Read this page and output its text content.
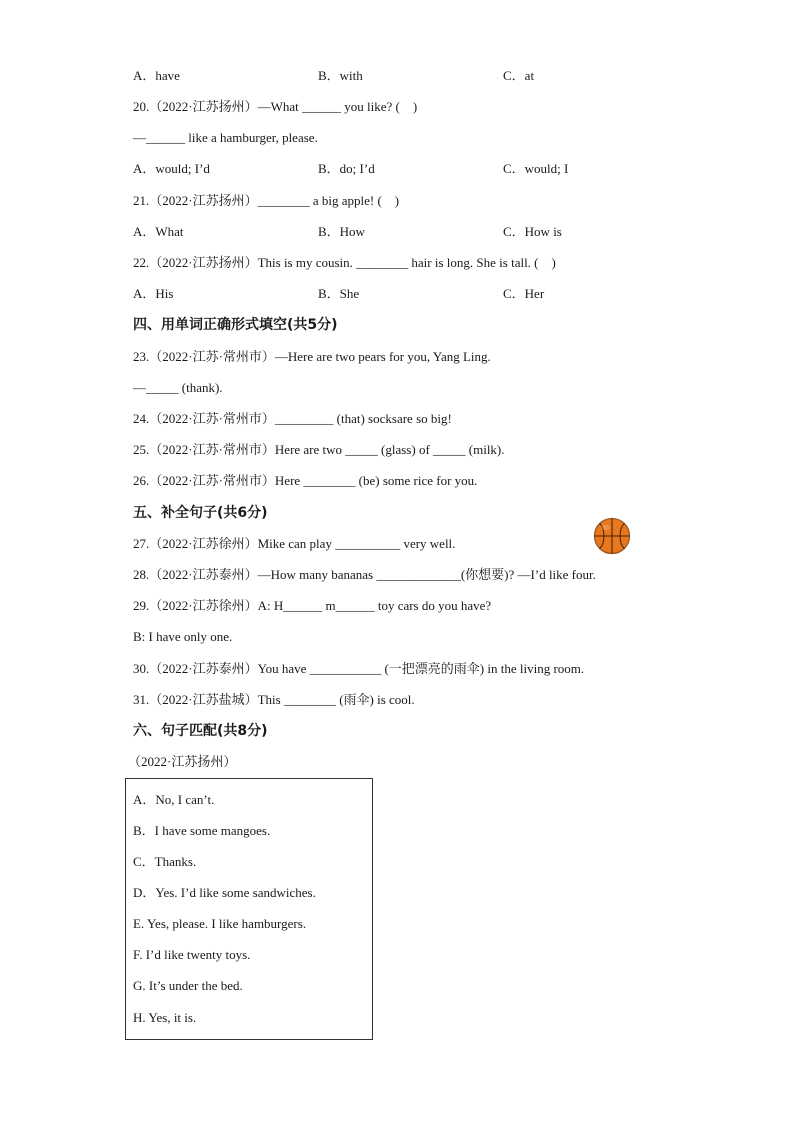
A．have	B．with	C．at
20.（2022·江苏扬州）—What ______ you like? (　)
—______ like a hamburger, please.
A．would; I’d	B．do; I’d	C．would; I
21.（2022·江苏扬州）________ a big apple! (　)
A．What	B．How	C．How is
22.（2022·江苏扬州）This is my cousin. ________ hair is long. She is tall. (　)
A．His	B．She	C．Her
四、用单词正确形式填空(共5分)
23.（2022·江苏·常州市）—Here are two pears for you, Yang Ling.
—_____ (thank).
24.（2022·江苏·常州市）_________ (that) socksare so big!
25.（2022·江苏·常州市）Here are two _____ (glass) of _____ (milk).
26.（2022·江苏·常州市）Here ________ (be) some rice for you.
五、补全句子(共6分)
27.（2022·江苏徐州）Mike can play __________ very well.
28.（2022·江苏泰州）—How many bananas _____________(你想要)? —I’d like four.
29.（2022·江苏徐州）A: H______ m______ toy cars do you have?
B: I have only one.
30.（2022·江苏泰州）You have ___________ (一把漂亮的雨伞) in the living room.
31.（2022·江苏盐城）This ________ (雨伞) is cool.
六、句子匹配(共8分)
（2022·江苏扬州）
A．No, I can’t.
B．I have some mangoes.
C．Thanks.
D．Yes. I’d like some sandwiches.
E. Yes, please. I like hamburgers.
F. I’d like twenty toys.
G. It’s under the bed.
H. Yes, it is.
